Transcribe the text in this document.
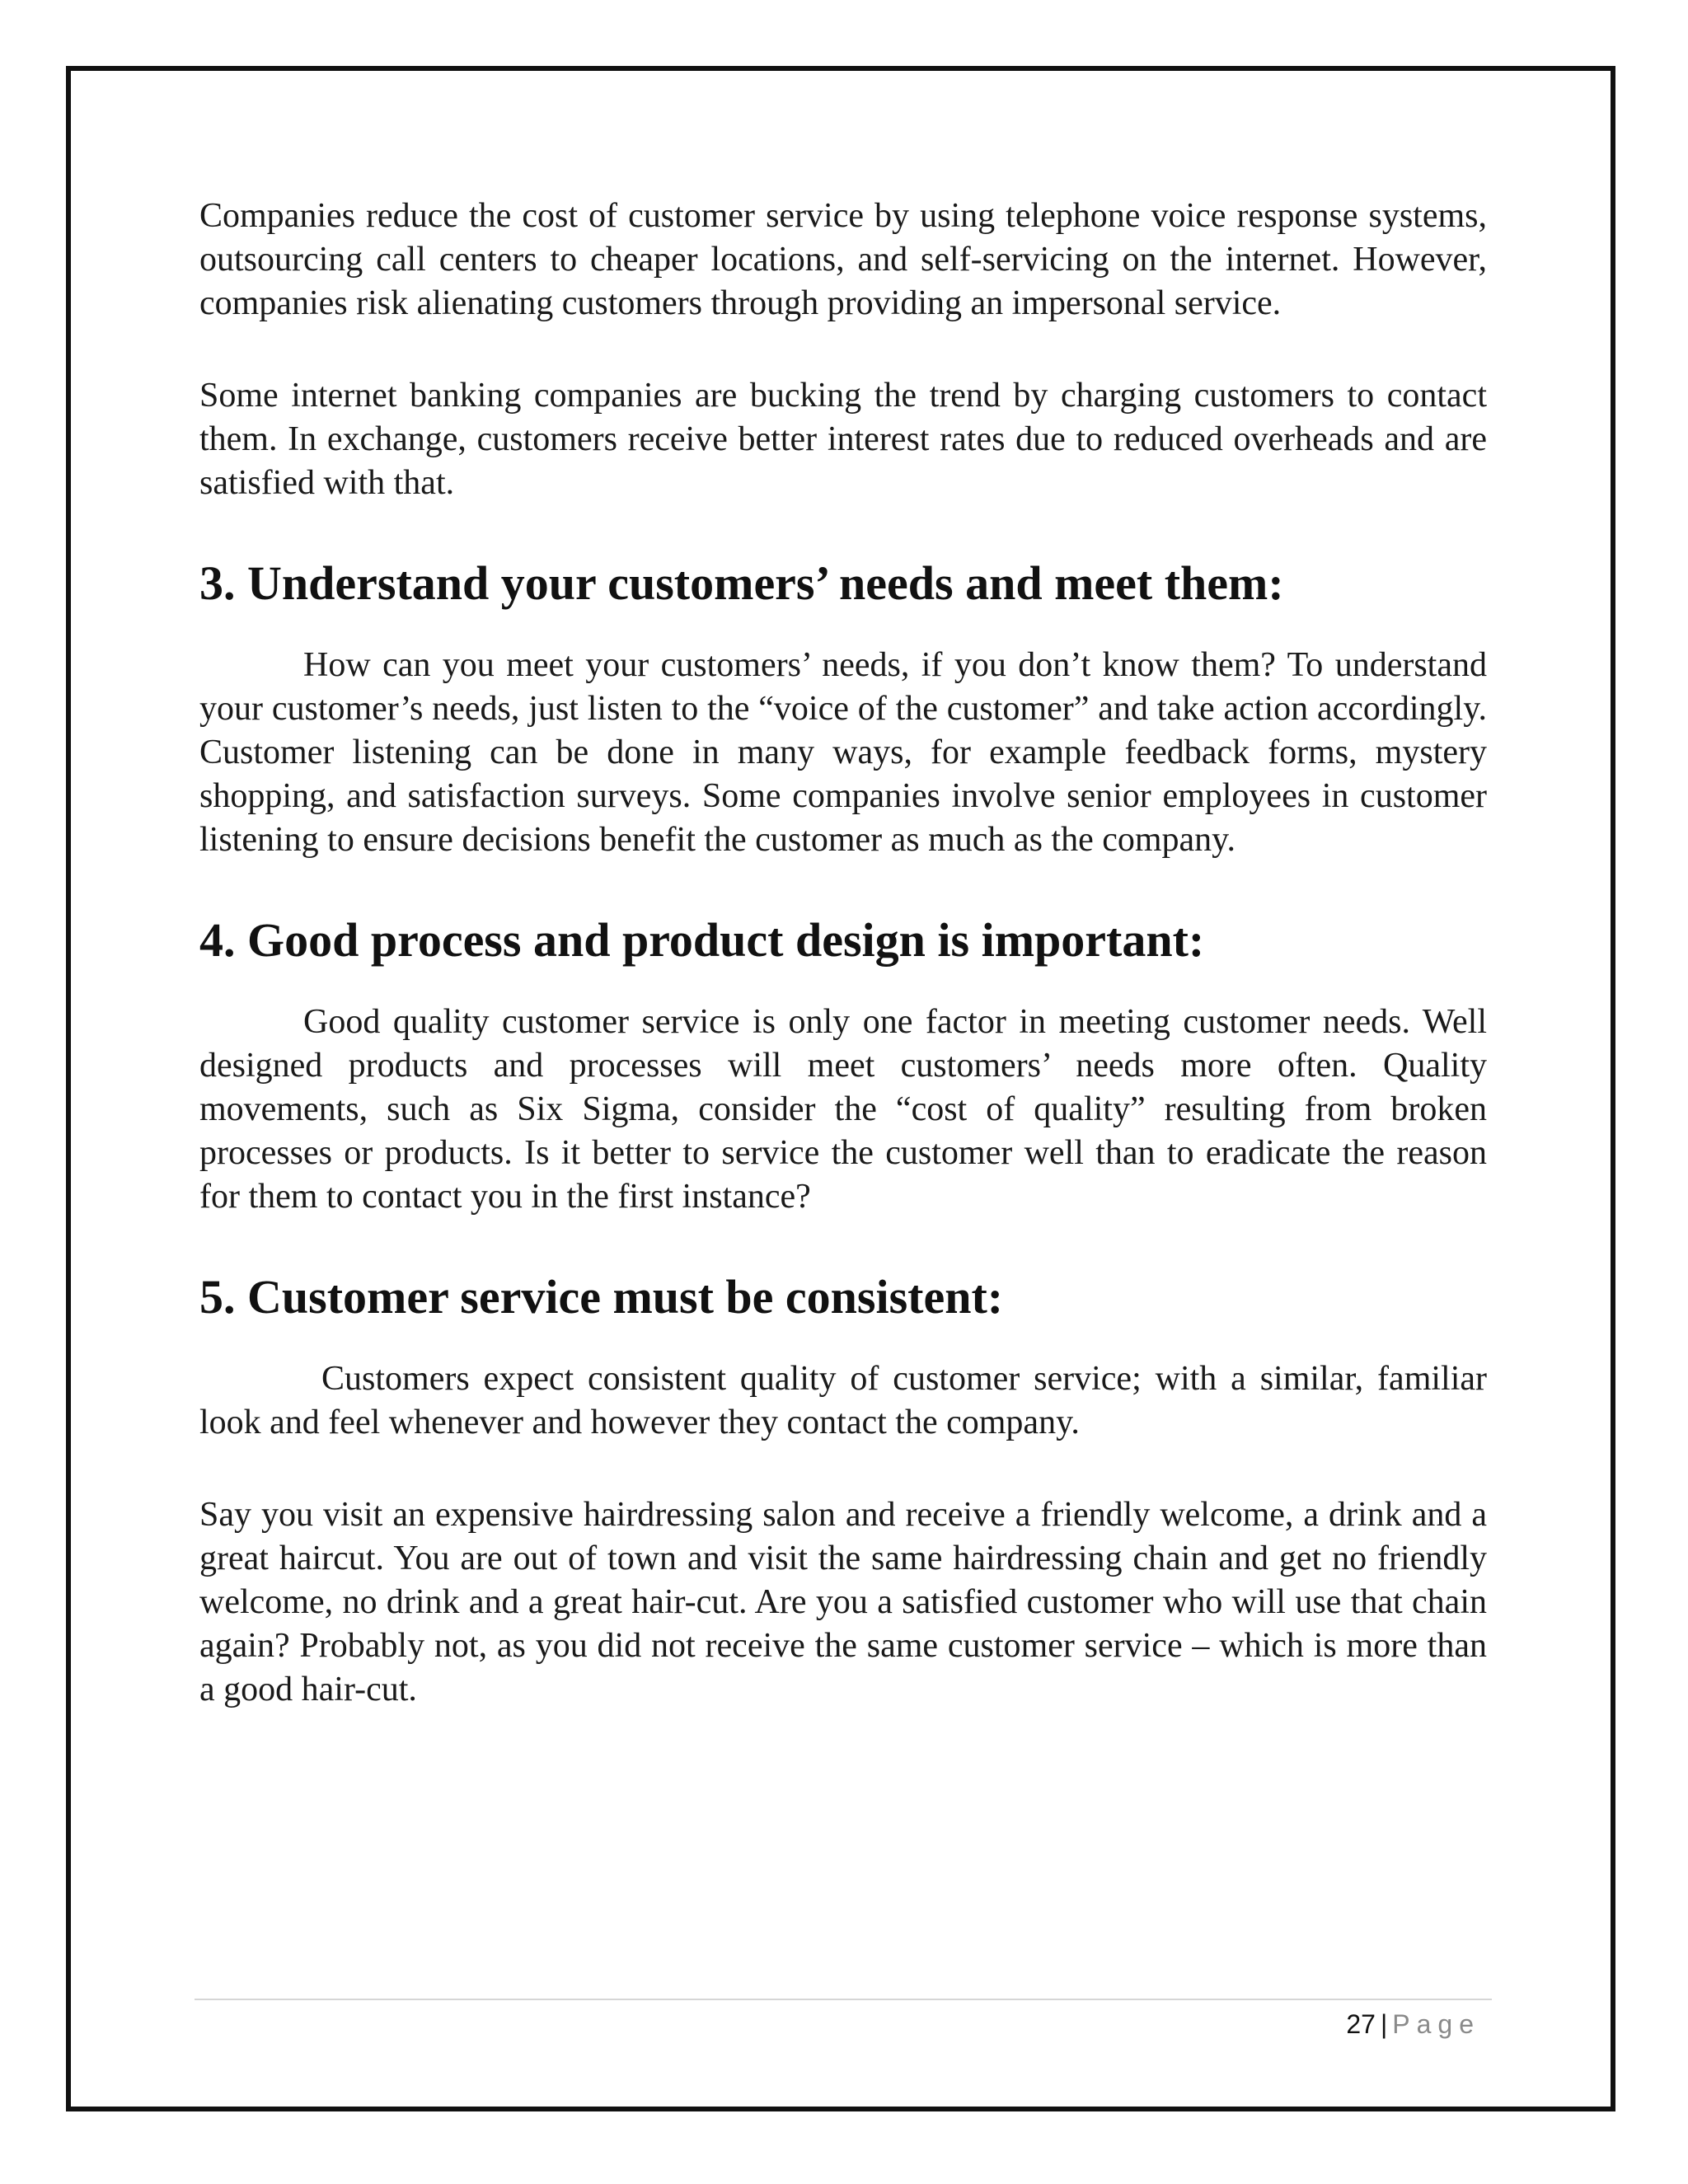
Companies reduce the cost of customer service by using telephone voice response systems, outsourcing call centers to cheaper locations, and self-servicing on the internet. However, companies risk alienating customers through providing an impersonal service.

Some internet banking companies are bucking the trend by charging customers to contact them. In exchange, customers receive better interest rates due to reduced overheads and are satisfied with that.

3. Understand your customers’ needs and meet them:

How can you meet your customers’ needs, if you don’t know them? To understand your customer’s needs, just listen to the “voice of the customer” and take action accordingly. Customer listening can be done in many ways, for example feedback forms, mystery shopping, and satisfaction surveys. Some companies involve senior employees in customer listening to ensure decisions benefit the customer as much as the company.

4. Good process and product design is important:

Good quality customer service is only one factor in meeting customer needs. Well designed products and processes will meet customers’ needs more often. Quality movements, such as Six Sigma, consider the “cost of quality” resulting from broken processes or products. Is it better to service the customer well than to eradicate the reason for them to contact you in the first instance?

5. Customer service must be consistent:

Customers expect consistent quality of customer service; with a similar, familiar look and feel whenever and however they contact the company.

Say you visit an expensive hairdressing salon and receive a friendly welcome, a drink and a great haircut. You are out of town and visit the same hairdressing chain and get no friendly welcome, no drink and a great hair-cut. Are you a satisfied customer who will use that chain again? Probably not, as you did not receive the same customer service – which is more than a good hair-cut.

27 | Page
